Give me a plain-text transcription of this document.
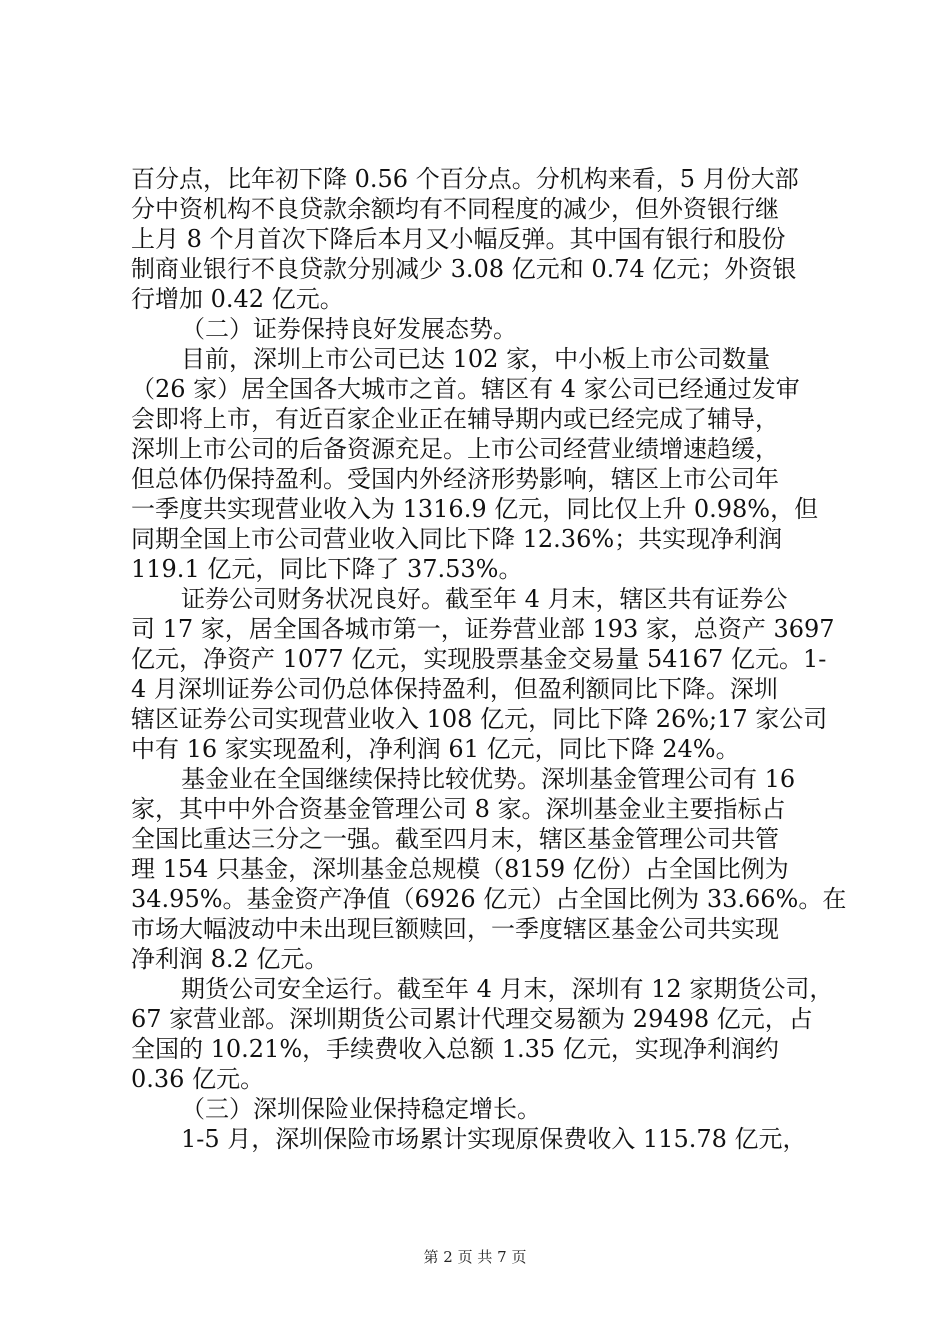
百分点，比年初下降 0.56 个百分点。分机构来看，5 月份大部
分中资机构不良贷款余额均有不同程度的减少，但外资银行继
上月 8 个月首次下降后本月又小幅反弹。其中国有银行和股份
制商业银行不良贷款分别减少 3.08 亿元和 0.74 亿元；外资银
行增加 0.42 亿元。
（二）证券保持良好发展态势。
目前，深圳上市公司已达 102 家，中小板上市公司数量
（26 家）居全国各大城市之首。辖区有 4 家公司已经通过发审
会即将上市，有近百家企业正在辅导期内或已经完成了辅导，
深圳上市公司的后备资源充足。上市公司经营业绩增速趋缓，
但总体仍保持盈利。受国内外经济形势影响，辖区上市公司年
一季度共实现营业收入为 1316.9 亿元，同比仅上升 0.98%，但
同期全国上市公司营业收入同比下降 12.36%；共实现净利润
119.1 亿元，同比下降了 37.53%。
证券公司财务状况良好。截至年 4 月末，辖区共有证券公
司 17 家，居全国各城市第一，证券营业部 193 家，总资产 3697
亿元，净资产 1077 亿元，实现股票基金交易量 54167 亿元。1-
4 月深圳证券公司仍总体保持盈利，但盈利额同比下降。深圳
辖区证券公司实现营业收入 108 亿元，同比下降 26%;17 家公司
中有 16 家实现盈利，净利润 61 亿元，同比下降 24%。
基金业在全国继续保持比较优势。深圳基金管理公司有 16
家，其中中外合资基金管理公司 8 家。深圳基金业主要指标占
全国比重达三分之一强。截至四月末，辖区基金管理公司共管
理 154 只基金，深圳基金总规模（8159 亿份）占全国比例为
34.95%。基金资产净值（6926 亿元）占全国比例为 33.66%。在
市场大幅波动中未出现巨额赎回，一季度辖区基金公司共实现
净利润 8.2 亿元。
期货公司安全运行。截至年 4 月末，深圳有 12 家期货公司，
67 家营业部。深圳期货公司累计代理交易额为 29498 亿元，占
全国的 10.21%，手续费收入总额 1.35 亿元，实现净利润约
0.36 亿元。
（三）深圳保险业保持稳定增长。
1-5 月，深圳保险市场累计实现原保费收入 115.78 亿元，
第 2 页 共 7 页
